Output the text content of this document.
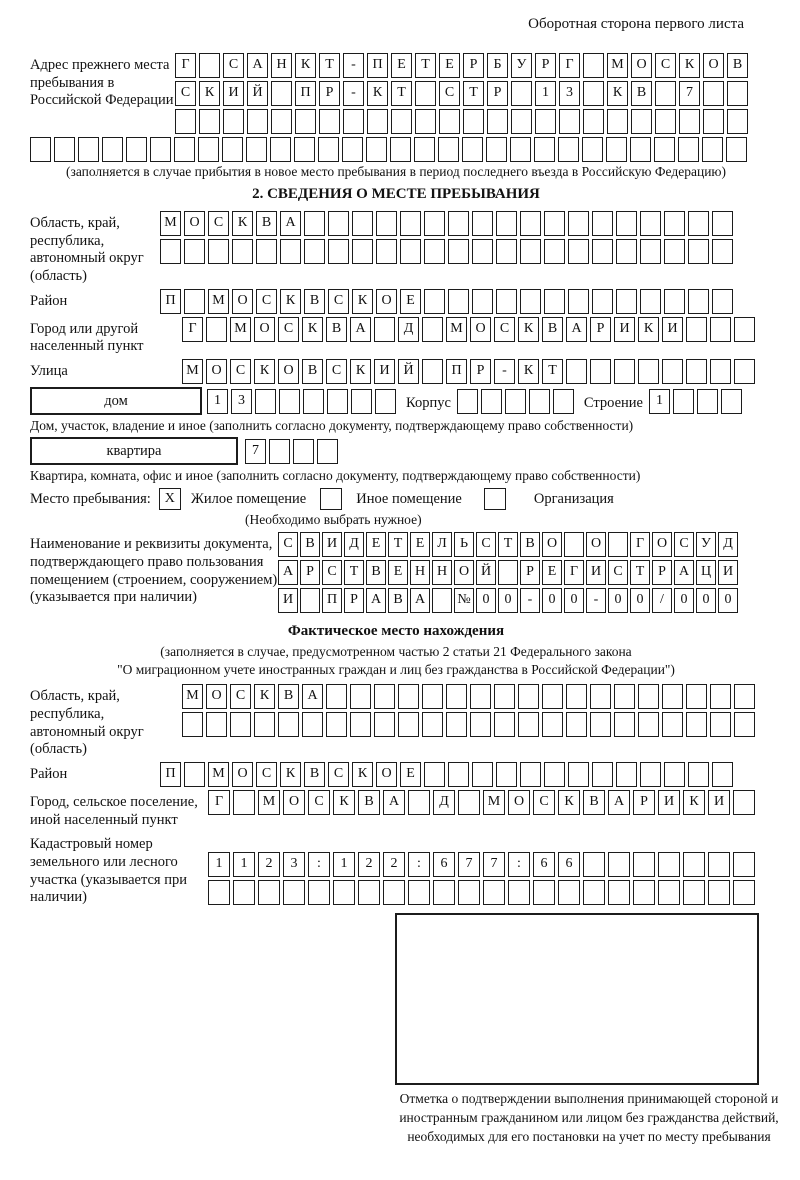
Оборотная сторона первого листа
Адрес прежнего места пребывания в Российской Федерации
Г	С	А Н	К	Т	-	П	Е	Т	Е	Р	Б	У	Р	Г	М О	С	К	О	В
С	К	И Й	П	Р	-	К	Т	С	Т	Р	1	3	К	В	7
(заполняется в случае прибытия в новое место пребывания в период последнего въезда в Российскую Федерацию)
2. СВЕДЕНИЯ О МЕСТЕ ПРЕБЫВАНИЯ
Область, край, республика, автономный округ (область)
М О	С	К	В	А
Район	П	М О	С	К	В	С	К	О	Е
Город или другой населенный пункт
Г	М О	С	К	В	А	Д	М О	С	К	В	А	Р	И	К	И
Улица	М О	С	К	О	В	С	К	И Й	П	Р	-	К	Т
дом	1	3	Корпус	Строение 1
Дом, участок, владение и иное (заполнить согласно документу, подтверждающему право собственности)
квартира	7
Квартира, комната, офис и иное (заполнить согласно документу, подтверждающему право собственности)
Место пребывания: X	Жилое помещение	Иное помещение	Организация
(Необходимо выбрать нужное)
Наименование и реквизиты документа, подтверждающего право пользования помещением (строением, сооружением) (указывается при наличии)
С В И Д Е Т Е Л Ь С Т В О	О	Г О С У Д
А Р С Т В Е Н Н О Й	Р Е Г И С Т Р А Ц И
И	П Р А В А	№ 0	0	-	0	0	-	0	0	/	0	0	0
Фактическое место нахождения
(заполняется в случае, предусмотренном частью 2 статьи 21 Федерального закона
"О миграционном учете иностранных граждан и лиц без гражданства в Российской Федерации")
Область, край, республика, автономный округ (область)
М О	С	К	В	А
Район	П	М О	С	К	В	С	К	О	Е
Город, сельское поселение, иной населенный пункт
Г	М О	С	К	В	А	Д	М О	С	К	В	А	Р	И	К	И
Кадастровый номер земельного или лесного участка (указывается при наличии)
1	1	2	3	:	1	2	2	:	6	7	7	:	6	6
Отметка о подтверждении выполнения принимающей стороной и иностранным гражданином или лицом без гражданства действий, необходимых для его постановки на учет по месту пребывания
